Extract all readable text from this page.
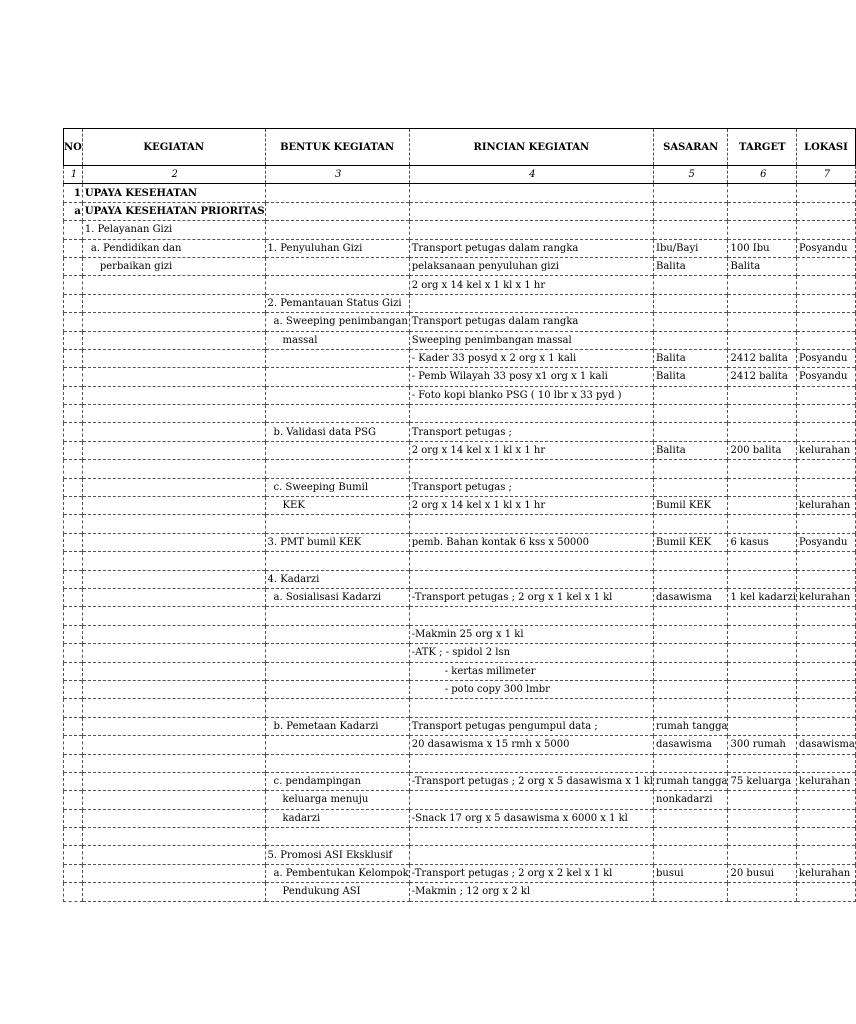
NO	KEGIATAN	BENTUK KEGIATAN	RINCIAN KEGIATAN	SASARAN	TARGET	LOKASI
1	2	3	4	5	6	7
1	UPAYA KESEHATAN					
a	UPAYA KESEHATAN PRIORITAS					
	1. Pelayanan Gizi					
	a. Pendidikan dan	1. Penyuluhan Gizi	Transport petugas dalam rangka	Ibu/Bayi	100 Ibu	Posyandu
	perbaikan gizi		pelaksanaan penyuluhan gizi	Balita	Balita	
			2 org x 14 kel x 1 kl x 1 hr			
		2. Pemantauan Status Gizi				
		a. Sweeping penimbangan	Transport petugas dalam rangka			
		massal	Sweeping penimbangan massal			
			- Kader 33 posyd x 2 org x 1 kali	Balita	2412 balita	Posyandu
			- Pemb Wilayah 33 posy x1 org x 1 kali	Balita	2412 balita	Posyandu
			- Foto kopi blanko PSG ( 10 lbr x 33 pyd )			

		b. Validasi data PSG	Transport petugas ;			
			2 org x 14 kel x 1 kl x 1 hr	Balita	200 balita	kelurahan

		c. Sweeping Bumil	Transport petugas ;			
		KEK	2 org x 14 kel x 1 kl x 1 hr	Bumil KEK		kelurahan

		3. PMT bumil KEK	pemb. Bahan kontak 6 kss x 50000	Bumil KEK	6 kasus	Posyandu

		4. Kadarzi				
		a. Sosialisasi Kadarzi	-Transport petugas ; 2 org x 1 kel x 1 kl	dasawisma	1 kel kadarzi	kelurahan

			-Makmin 25 org x 1 kl			
			-ATK ; - spidol 2 lsn			
			- kertas milimeter			
			- poto copy 300 lmbr			

		b. Pemetaan Kadarzi	Transport petugas pengumpul data ;	rumah tangga		
			20 dasawisma x 15 rmh x 5000	dasawisma	300 rumah	dasawisma

		c. pendampingan	-Transport petugas ; 2 org x 5 dasawisma x 1 kl	rumah tangga	75 keluarga	kelurahan
		keluarga menuju		nonkadarzi		
		kadarzi	-Snack 17 org x 5 dasawisma x 6000 x 1 kl			

		5. Promosi ASI Eksklusif				
		a. Pembentukan Kelompok	-Transport petugas ; 2 org x 2 kel x 1 kl	busui	20 busui	kelurahan
		Pendukung ASI	-Makmin ; 12 org x 2 kl			
